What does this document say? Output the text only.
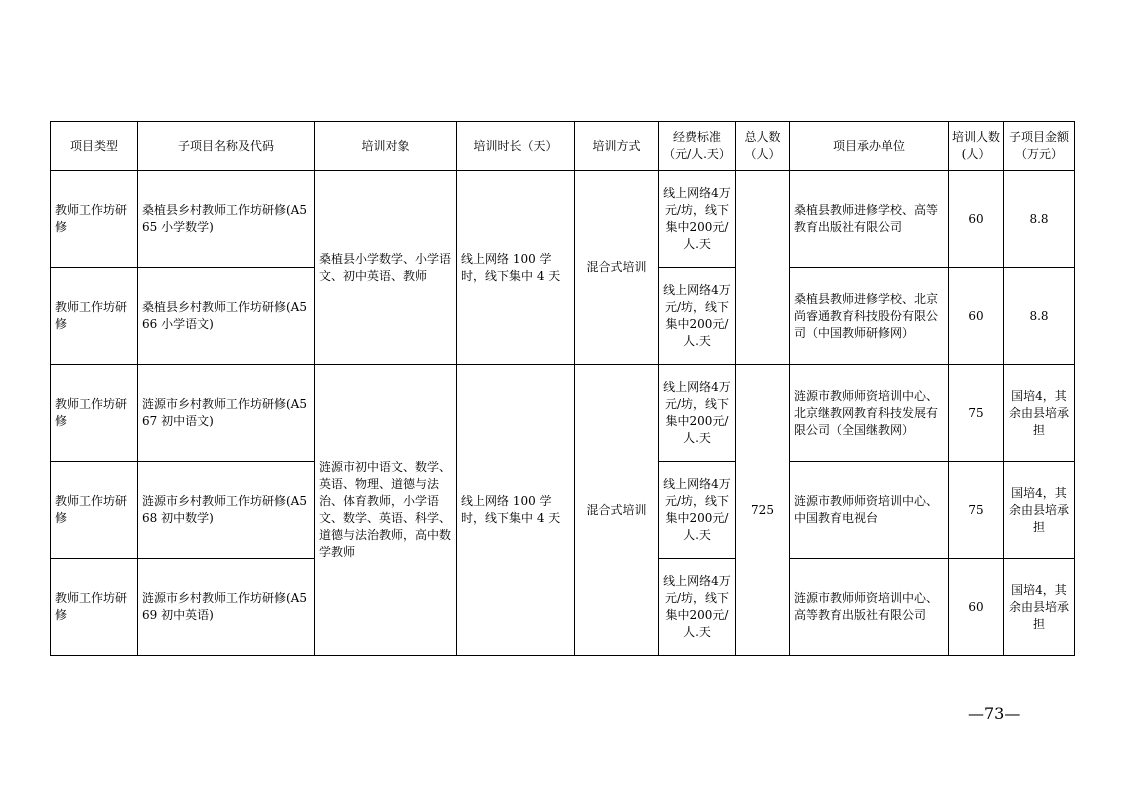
项目类型	子项目名称及代码	培训对象	培训时长（天）	培训方式	经费标准（元/人.天）	总人数（人）	项目承办单位	培训人数(人）	子项目金额（万元）
教师工作坊研修	桑植县乡村教师工作坊研修(A565 小学数学)	桑植县小学数学、小学语文、初中英语、教师	线上网络 100 学时，线下集中 4 天	混合式培训	线上网络4万元/坊，线下集中200元/人.天		桑植县教师进修学校、高等教育出版社有限公司	60	8.8
教师工作坊研修	桑植县乡村教师工作坊研修(A566 小学语文)				线上网络4万元/坊，线下集中200元/人.天		桑植县教师进修学校、北京尚睿通教育科技股份有限公司（中国教师研修网）	60	8.8
教师工作坊研修	涟源市乡村教师工作坊研修(A567 初中语文)	涟源市初中语文、数学、英语、物理、道德与法治、体育教师，小学语文、数学、英语、科学、道德与法治教师，高中数学教师	线上网络 100 学时，线下集中 4 天	混合式培训	线上网络4万元/坊，线下集中200元/人.天	725	涟源市教师师资培训中心、北京继教网教育科技发展有限公司（全国继教网）	75	国培4，其余由县培承担
教师工作坊研修	涟源市乡村教师工作坊研修(A568 初中数学)				线上网络4万元/坊，线下集中200元/人.天		涟源市教师师资培训中心、中国教育电视台	75	国培4，其余由县培承担
教师工作坊研修	涟源市乡村教师工作坊研修(A569 初中英语)				线上网络4万元/坊，线下集中200元/人.天		涟源市教师师资培训中心、高等教育出版社有限公司	60	国培4，其余由县培承担
—73—
